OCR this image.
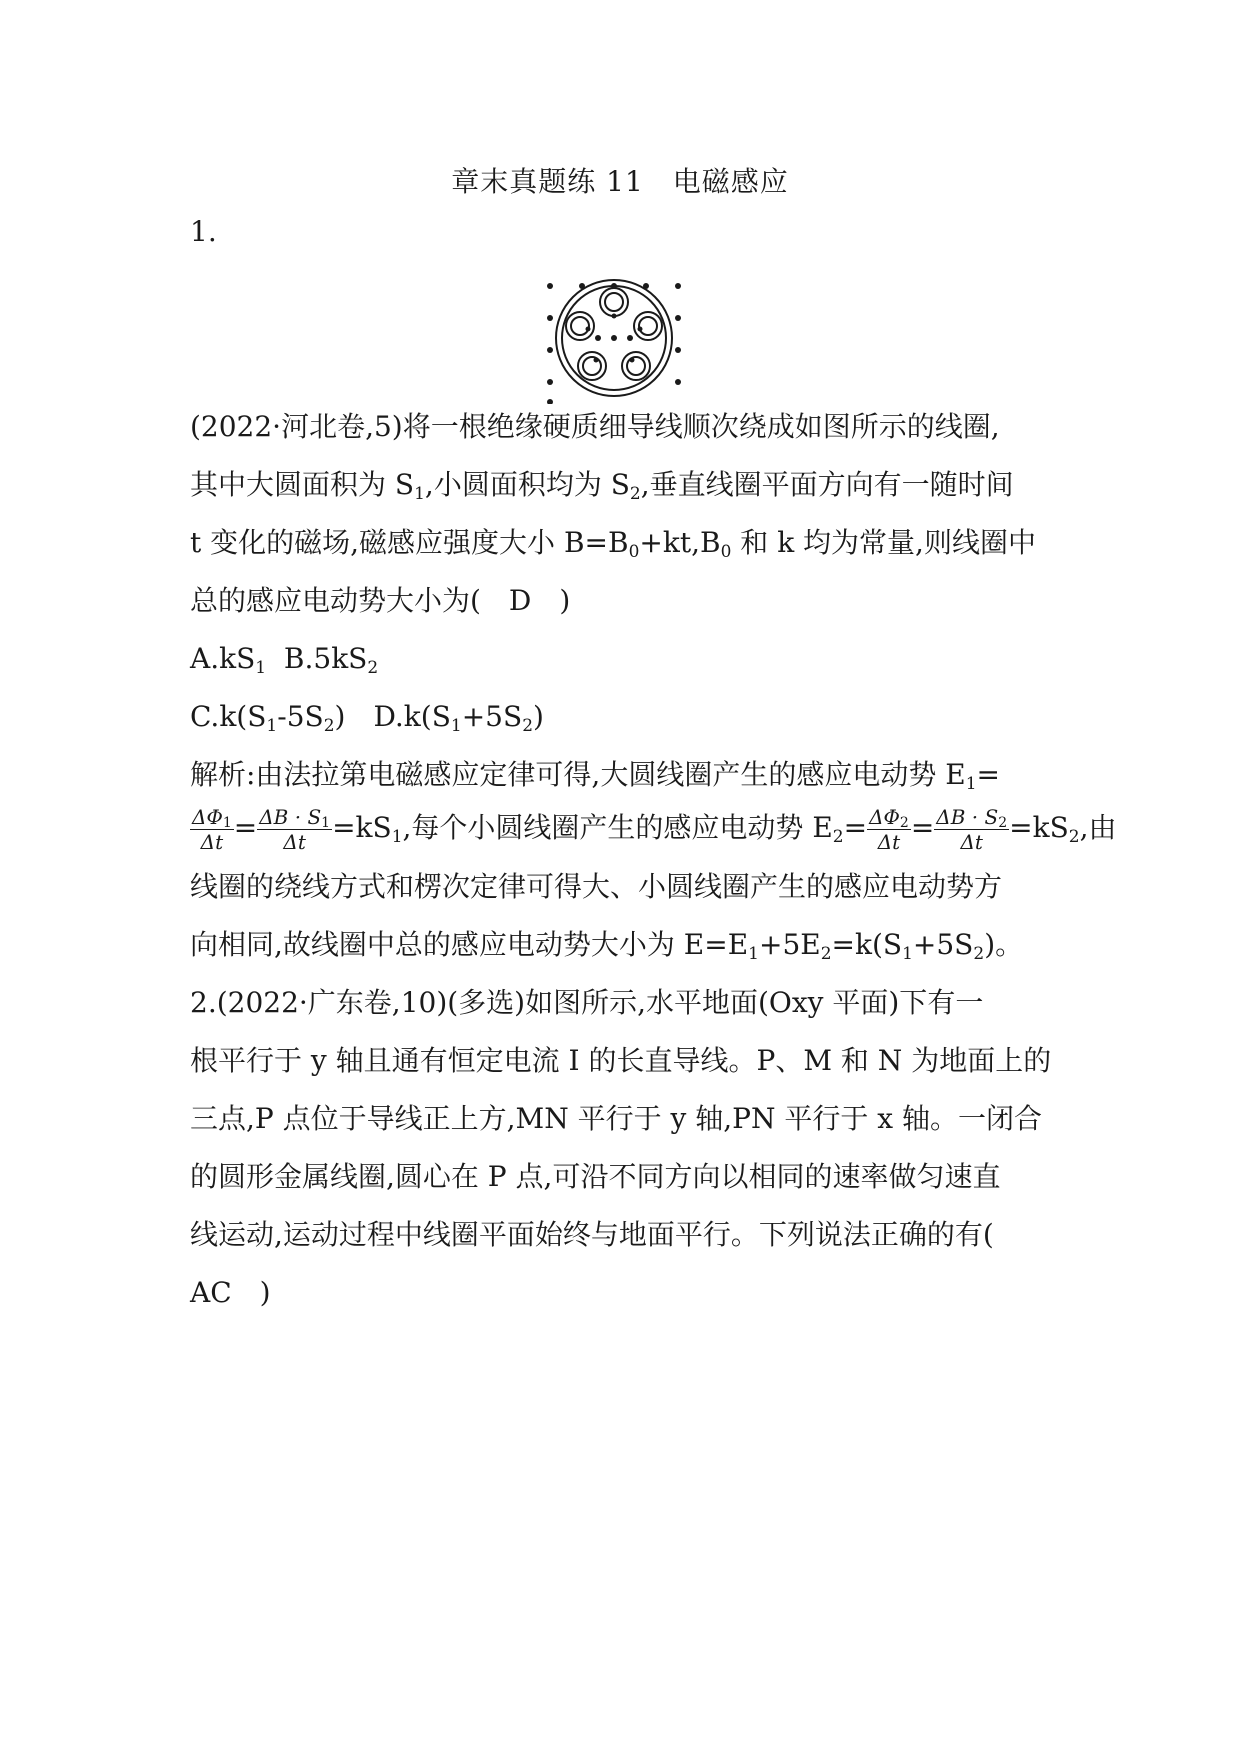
章末真题练 11　电磁感应
1.
(2022·河北卷,5)将一根绝缘硬质细导线顺次绕成如图所示的线圈,
其中大圆面积为 $S_1$,小圆面积均为 $S_2$,垂直线圈平面方向有一随时间
t 变化的磁场,磁感应强度大小 $B=B_0+kt,B_0$ 和 k 均为常量,则线圈中
总的感应电动势大小为(　D　)
$A.kS_1$  $B.5kS_2$
$C.k(S_1-5S_2)$　$D.k(S_1+5S_2)$
解析:由法拉第电磁感应定律可得,大圆线圈产生的感应电动势 $E_1=$
$\frac{\Delta\Phi_1}{\Delta t} = \frac{\Delta B \cdot S_1}{\Delta t} =kS_1$,每个小圆线圈产生的感应电动势 $E_2= \frac{\Delta\Phi_2}{\Delta t} = \frac{\Delta B \cdot S_2}{\Delta t} =kS_2$,由
线圈的绕线方式和楞次定律可得大、小圆线圈产生的感应电动势方
向相同,故线圈中总的感应电动势大小为 $E=E_1+5E_2=k(S_1+5S_2)$。
2.(2022·广东卷,10)(多选)如图所示,水平地面(Oxy 平面)下有一
根平行于 y 轴且通有恒定电流 I 的长直导线。P、M 和 N 为地面上的
三点,P 点位于导线正上方,MN 平行于 y 轴,PN 平行于 x 轴。一闭合
的圆形金属线圈,圆心在 P 点,可沿不同方向以相同的速率做匀速直
线运动,运动过程中线圈平面始终与地面平行。下列说法正确的有(
AC　)
